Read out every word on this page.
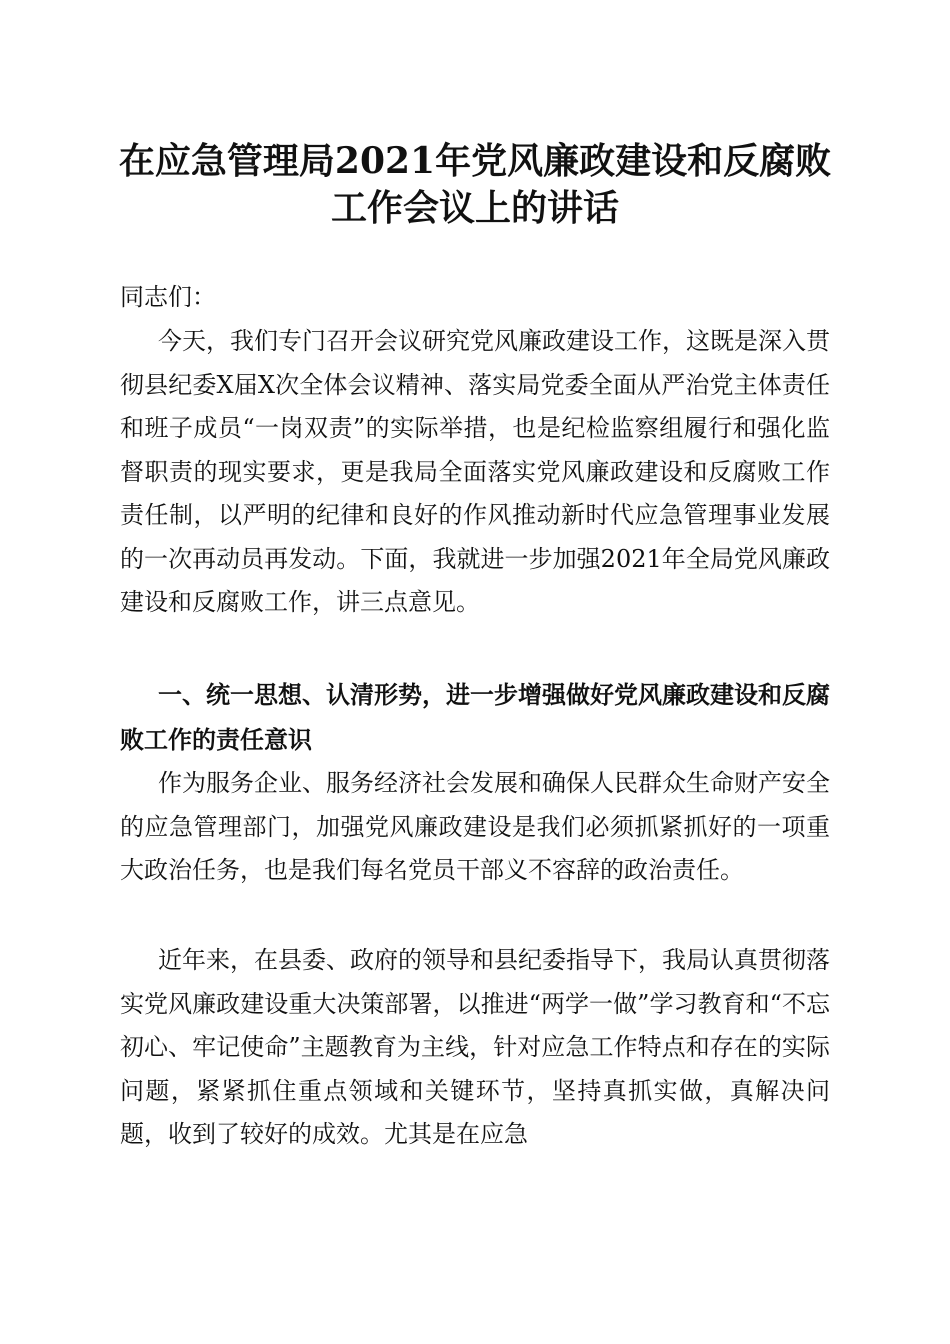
在应急管理局2021年党风廉政建设和反腐败
工作会议上的讲话
同志们：

今天，我们专门召开会议研究党风廉政建设工作，这既是深入贯彻县纪委X届X次全体会议精神、落实局党委全面从严治党主体责任和班子成员“一岗双责”的实际举措，也是纪检监察组履行和强化监督职责的现实要求，更是我局全面落实党风廉政建设和反腐败工作责任制，以严明的纪律和良好的作风推动新时代应急管理事业发展的一次再动员再发动。下面，我就进一步加强2021年全局党风廉政建设和反腐败工作，讲三点意见。

一、统一思想、认清形势，进一步增强做好党风廉政建设和反腐败工作的责任意识

作为服务企业、服务经济社会发展和确保人民群众生命财产安全的应急管理部门，加强党风廉政建设是我们必须抓紧抓好的一项重大政治任务，也是我们每名党员干部义不容辞的政治责任。

近年来，在县委、政府的领导和县纪委指导下，我局认真贯彻落实党风廉政建设重大决策部署，以推进“两学一做”学习教育和“不忘初心、牢记使命”主题教育为主线，针对应急工作特点和存在的实际问题，紧紧抓住重点领域和关键环节，坚持真抓实做，真解决问题，收到了较好的成效。尤其是在应急
